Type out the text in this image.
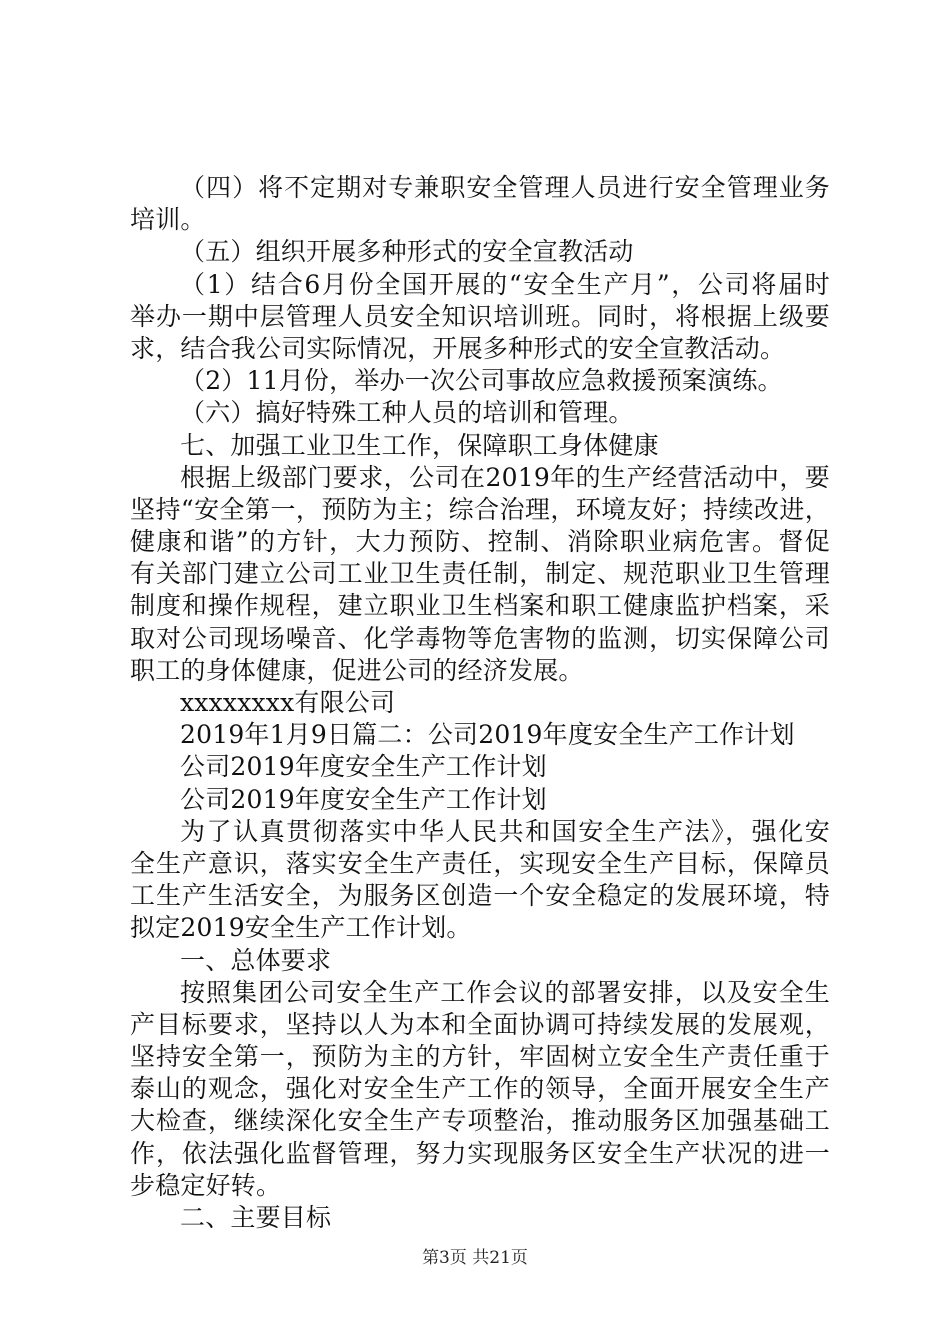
（四）将不定期对专兼职安全管理人员进行安全管理业务
培训。
（五）组织开展多种形式的安全宣教活动
（1）结合6月份全国开展的“安全生产月”，公司将届时
举办一期中层管理人员安全知识培训班。同时，将根据上级要
求，结合我公司实际情况，开展多种形式的安全宣教活动。
（2）11月份，举办一次公司事故应急救援预案演练。
（六）搞好特殊工种人员的培训和管理。
七、加强工业卫生工作，保障职工身体健康
根据上级部门要求，公司在2019年的生产经营活动中，要
坚持“安全第一，预防为主；综合治理，环境友好；持续改进，
健康和谐”的方针，大力预防、控制、消除职业病危害。督促
有关部门建立公司工业卫生责任制，制定、规范职业卫生管理
制度和操作规程，建立职业卫生档案和职工健康监护档案，采
取对公司现场噪音、化学毒物等危害物的监测，切实保障公司
职工的身体健康，促进公司的经济发展。
xxxxxxxx有限公司
2019年1月9日篇二：公司2019年度安全生产工作计划
公司2019年度安全生产工作计划
公司2019年度安全生产工作计划
为了认真贯彻落实中华人民共和国安全生产法》，强化安
全生产意识，落实安全生产责任，实现安全生产目标，保障员
工生产生活安全，为服务区创造一个安全稳定的发展环境，特
拟定2019安全生产工作计划。
一、总体要求
按照集团公司安全生产工作会议的部署安排，以及安全生
产目标要求，坚持以人为本和全面协调可持续发展的发展观，
坚持安全第一，预防为主的方针，牢固树立安全生产责任重于
泰山的观念，强化对安全生产工作的领导，全面开展安全生产
大检查，继续深化安全生产专项整治，推动服务区加强基础工
作，依法强化监督管理，努力实现服务区安全生产状况的进一
步稳定好转。
二、主要目标
第3页 共21页
